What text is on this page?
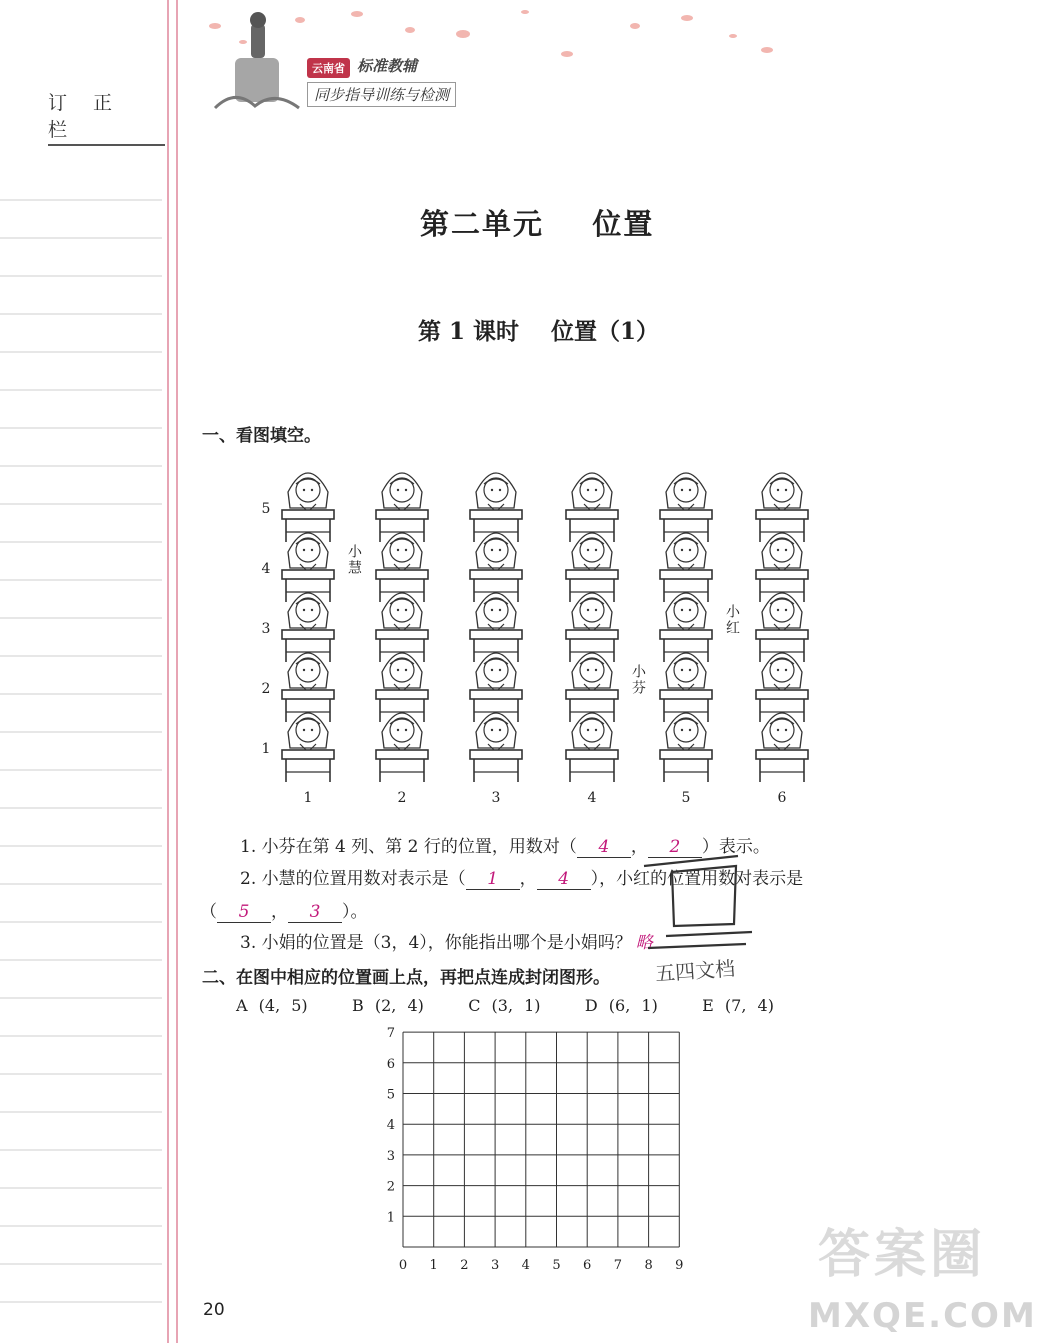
订 正 栏
云南省 标准教辅
同步指导训练与检测
第二单元    位置
第 1 课时    位置（1）
一、看图填空。
5
4
3
2
1
1	2	3	4	5	6
小慧
小芬
小红
1. 小芬在第 4 列、第 2 行的位置，用数对（ 4 ， 2 ）表示。
2. 小慧的位置用数对表示是（ 1 ， 4 ），小红的位置用数对表示是
（ 5 ， 3 ）。
3. 小娟的位置是（3，4），你能指出哪个是小娟吗？ 略
五四文档
二、在图中相应的位置画上点，再把点连成封闭图形。
A (4, 5)    B (2, 4)    C (3, 1)    D (6, 1)    E (7, 4)
0 1 2 3 4 5 6 7 8 9
1
2
3
4
5
6
7
20
答案圈
MXQE.COM
